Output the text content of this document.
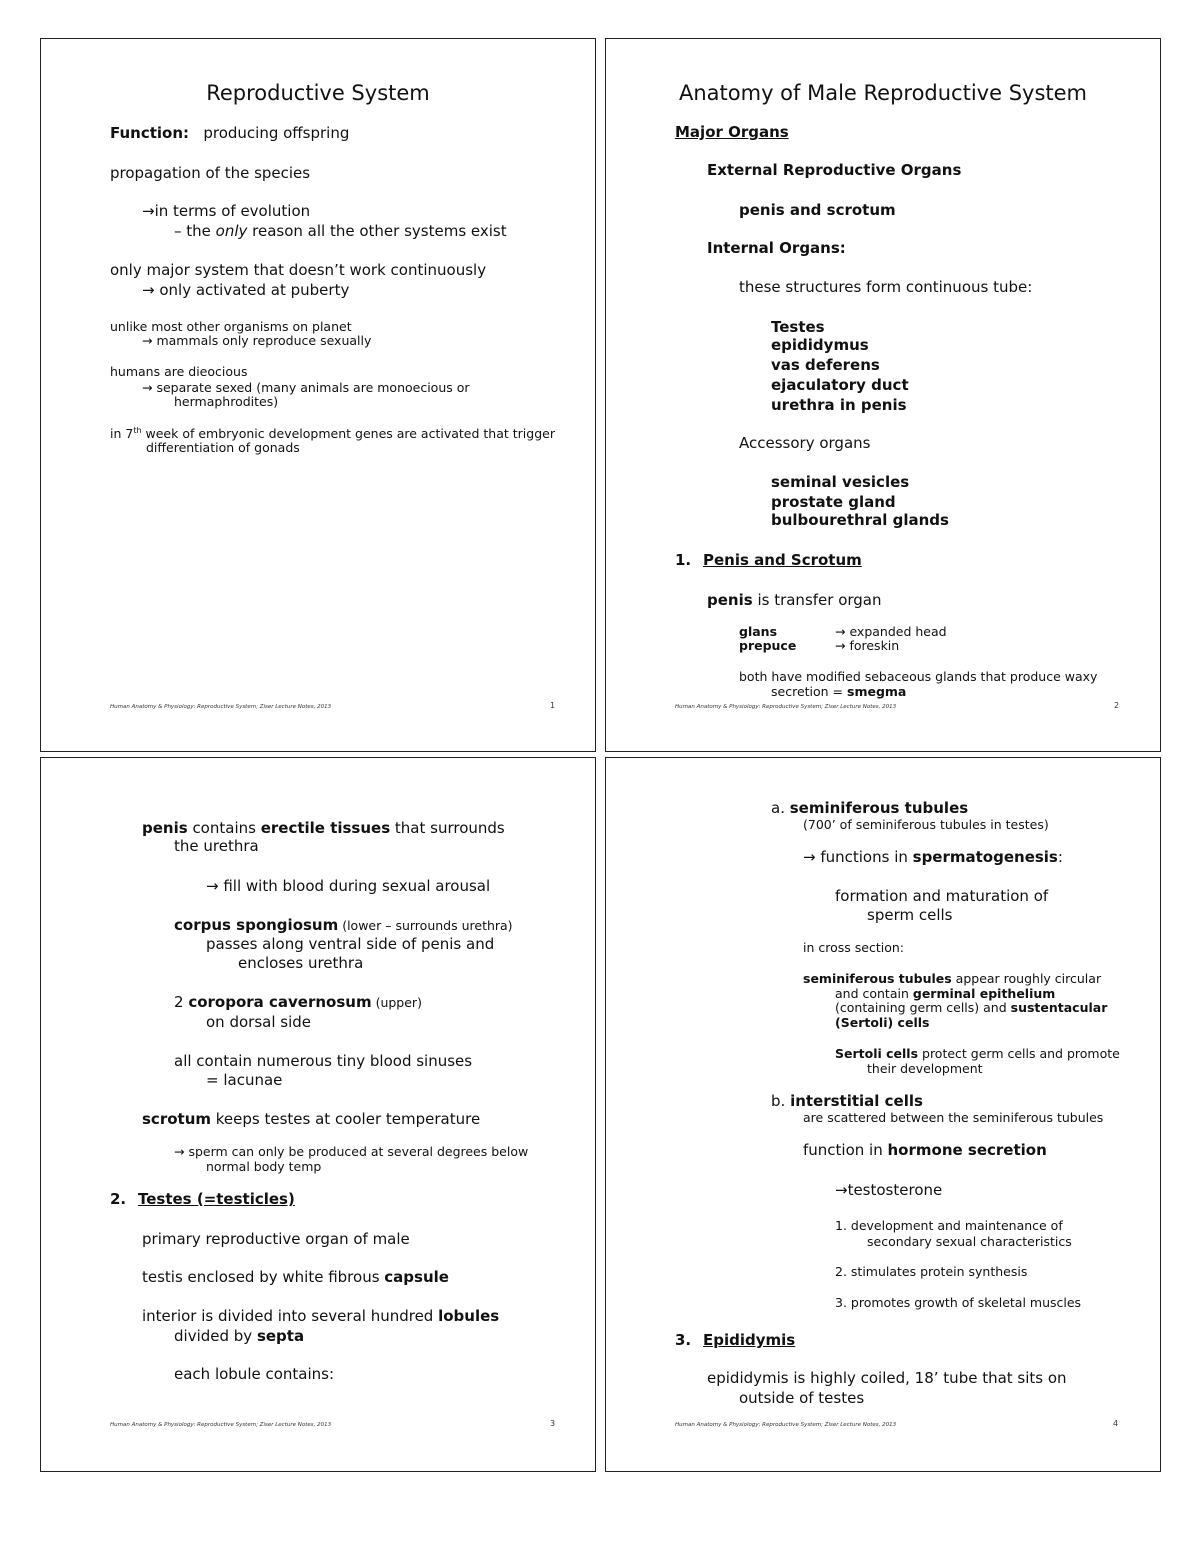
Reproductive System
Function: producing offspring
propagation of the species
→in terms of evolution
– the only reason all the other systems exist
only major system that doesn’t work continuously
→ only activated at puberty
unlike most other organisms on planet
→ mammals only reproduce sexually
humans are dieocious
→ separate sexed (many animals are monoecious or
hermaphrodites)
in 7th week of embryonic development genes are activated that trigger
differentiation of gonads
Human Anatomy & Physiology: Reproductive System; Ziser Lecture Notes, 2013	1
Anatomy of Male Reproductive System
Major Organs
External Reproductive Organs
penis and scrotum
Internal Organs:
these structures form continuous tube:
Testes
epididymus
vas deferens
ejaculatory duct
urethra in penis
Accessory organs
seminal vesicles
prostate gland
bulbourethral glands
1. Penis and Scrotum
penis is transfer organ
glans	→ expanded head
prepuce	→ foreskin
both have modified sebaceous glands that produce waxy
secretion = smegma
Human Anatomy & Physiology: Reproductive System; Ziser Lecture Notes, 2013	2
penis contains erectile tissues that surrounds
the urethra
→ fill with blood during sexual arousal
corpus spongiosum (lower – surrounds urethra)
passes along ventral side of penis and
encloses urethra
2 coropora cavernosum (upper)
on dorsal side
all contain numerous tiny blood sinuses
= lacunae
scrotum keeps testes at cooler temperature
→ sperm can only be produced at several degrees below
normal body temp
2. Testes (=testicles)
primary reproductive organ of male
testis enclosed by white fibrous capsule
interior is divided into several hundred lobules
divided by septa
each lobule contains:
Human Anatomy & Physiology: Reproductive System; Ziser Lecture Notes, 2013	3
a. seminiferous tubules
(700’ of seminiferous tubules in testes)
→ functions in spermatogenesis:
formation and maturation of
sperm cells
in cross section:
seminiferous tubules appear roughly circular
and contain germinal epithelium
(containing germ cells) and sustentacular
(Sertoli) cells
Sertoli cells protect germ cells and promote
their development
b. interstitial cells
are scattered between the seminiferous tubules
function in hormone secretion
→testosterone
1. development and maintenance of
secondary sexual characteristics
2. stimulates protein synthesis
3. promotes growth of skeletal muscles
3. Epididymis
epididymis is highly coiled, 18’ tube that sits on
outside of testes
Human Anatomy & Physiology: Reproductive System; Ziser Lecture Notes, 2013	4
